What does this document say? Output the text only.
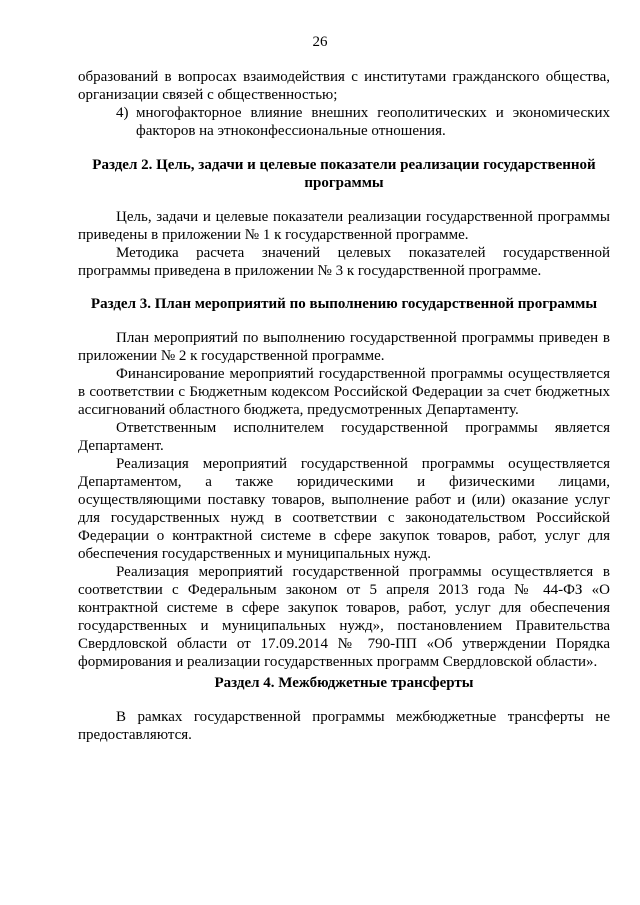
26

образований в вопросах взаимодействия с институтами гражданского общества, организации связей с общественностью;

4) многофакторное влияние внешних геополитических и экономических факторов на этноконфессиональные отношения.
Раздел 2. Цель, задачи и целевые показатели реализации государственной программы

Цель, задачи и целевые показатели реализации государственной программы приведены в приложении № 1 к государственной программе.

Методика расчета значений целевых показателей государственной программы приведена в приложении № 3 к государственной программе.

Раздел 3. План мероприятий по выполнению государственной программы

План мероприятий по выполнению государственной программы приведен в приложении № 2 к государственной программе.

Финансирование мероприятий государственной программы осуществляется в соответствии с Бюджетным кодексом Российской Федерации за счет бюджетных ассигнований областного бюджета, предусмотренных Департаменту.

Ответственным исполнителем государственной программы является Департамент.

Реализация мероприятий государственной программы осуществляется Департаментом, а также юридическими и физическими лицами, осуществляющими поставку товаров, выполнение работ и (или) оказание услуг для государственных нужд в соответствии с законодательством Российской Федерации о контрактной системе в сфере закупок товаров, работ, услуг для обеспечения государственных и муниципальных нужд.

Реализация мероприятий государственной программы осуществляется в соответствии с Федеральным законом от 5 апреля 2013 года № 44-ФЗ «О контрактной системе в сфере закупок товаров, работ, услуг для обеспечения государственных и муниципальных нужд», постановлением Правительства Свердловской области от 17.09.2014 № 790-ПП «Об утверждении Порядка формирования и реализации государственных программ Свердловской области».

Раздел 4. Межбюджетные трансферты

В рамках государственной программы межбюджетные трансферты не предоставляются.
